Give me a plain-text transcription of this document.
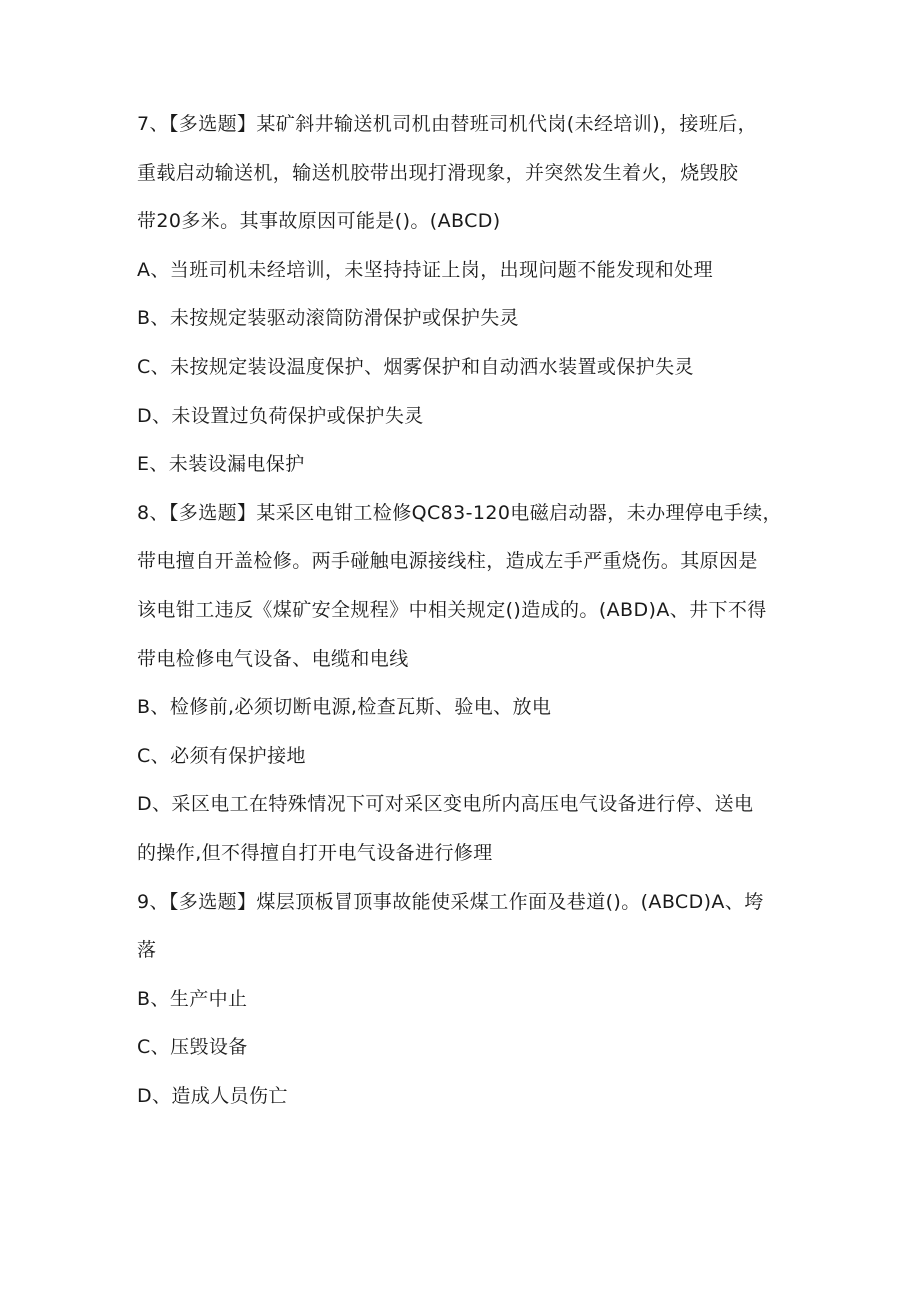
7、【多选题】某矿斜井输送机司机由替班司机代岗(未经培训)，接班后，
重载启动输送机，输送机胶带出现打滑现象，并突然发生着火，烧毁胶
带20多米。其事故原因可能是()。(ABCD)
A、当班司机未经培训，未坚持持证上岗，出现问题不能发现和处理
B、未按规定装驱动滚筒防滑保护或保护失灵
C、未按规定装设温度保护、烟雾保护和自动洒水装置或保护失灵
D、未设置过负荷保护或保护失灵
E、未装设漏电保护
8、【多选题】某采区电钳工检修QC83-120电磁启动器，未办理停电手续，
带电擅自开盖检修。两手碰触电源接线柱，造成左手严重烧伤。其原因是
该电钳工违反《煤矿安全规程》中相关规定()造成的。(ABD)A、井下不得
带电检修电气设备、电缆和电线
B、检修前,必须切断电源,检查瓦斯、验电、放电
C、必须有保护接地
D、采区电工在特殊情况下可对采区变电所内高压电气设备进行停、送电
的操作,但不得擅自打开电气设备进行修理
9、【多选题】煤层顶板冒顶事故能使采煤工作面及巷道()。(ABCD)A、垮
落
B、生产中止
C、压毁设备
D、造成人员伤亡
